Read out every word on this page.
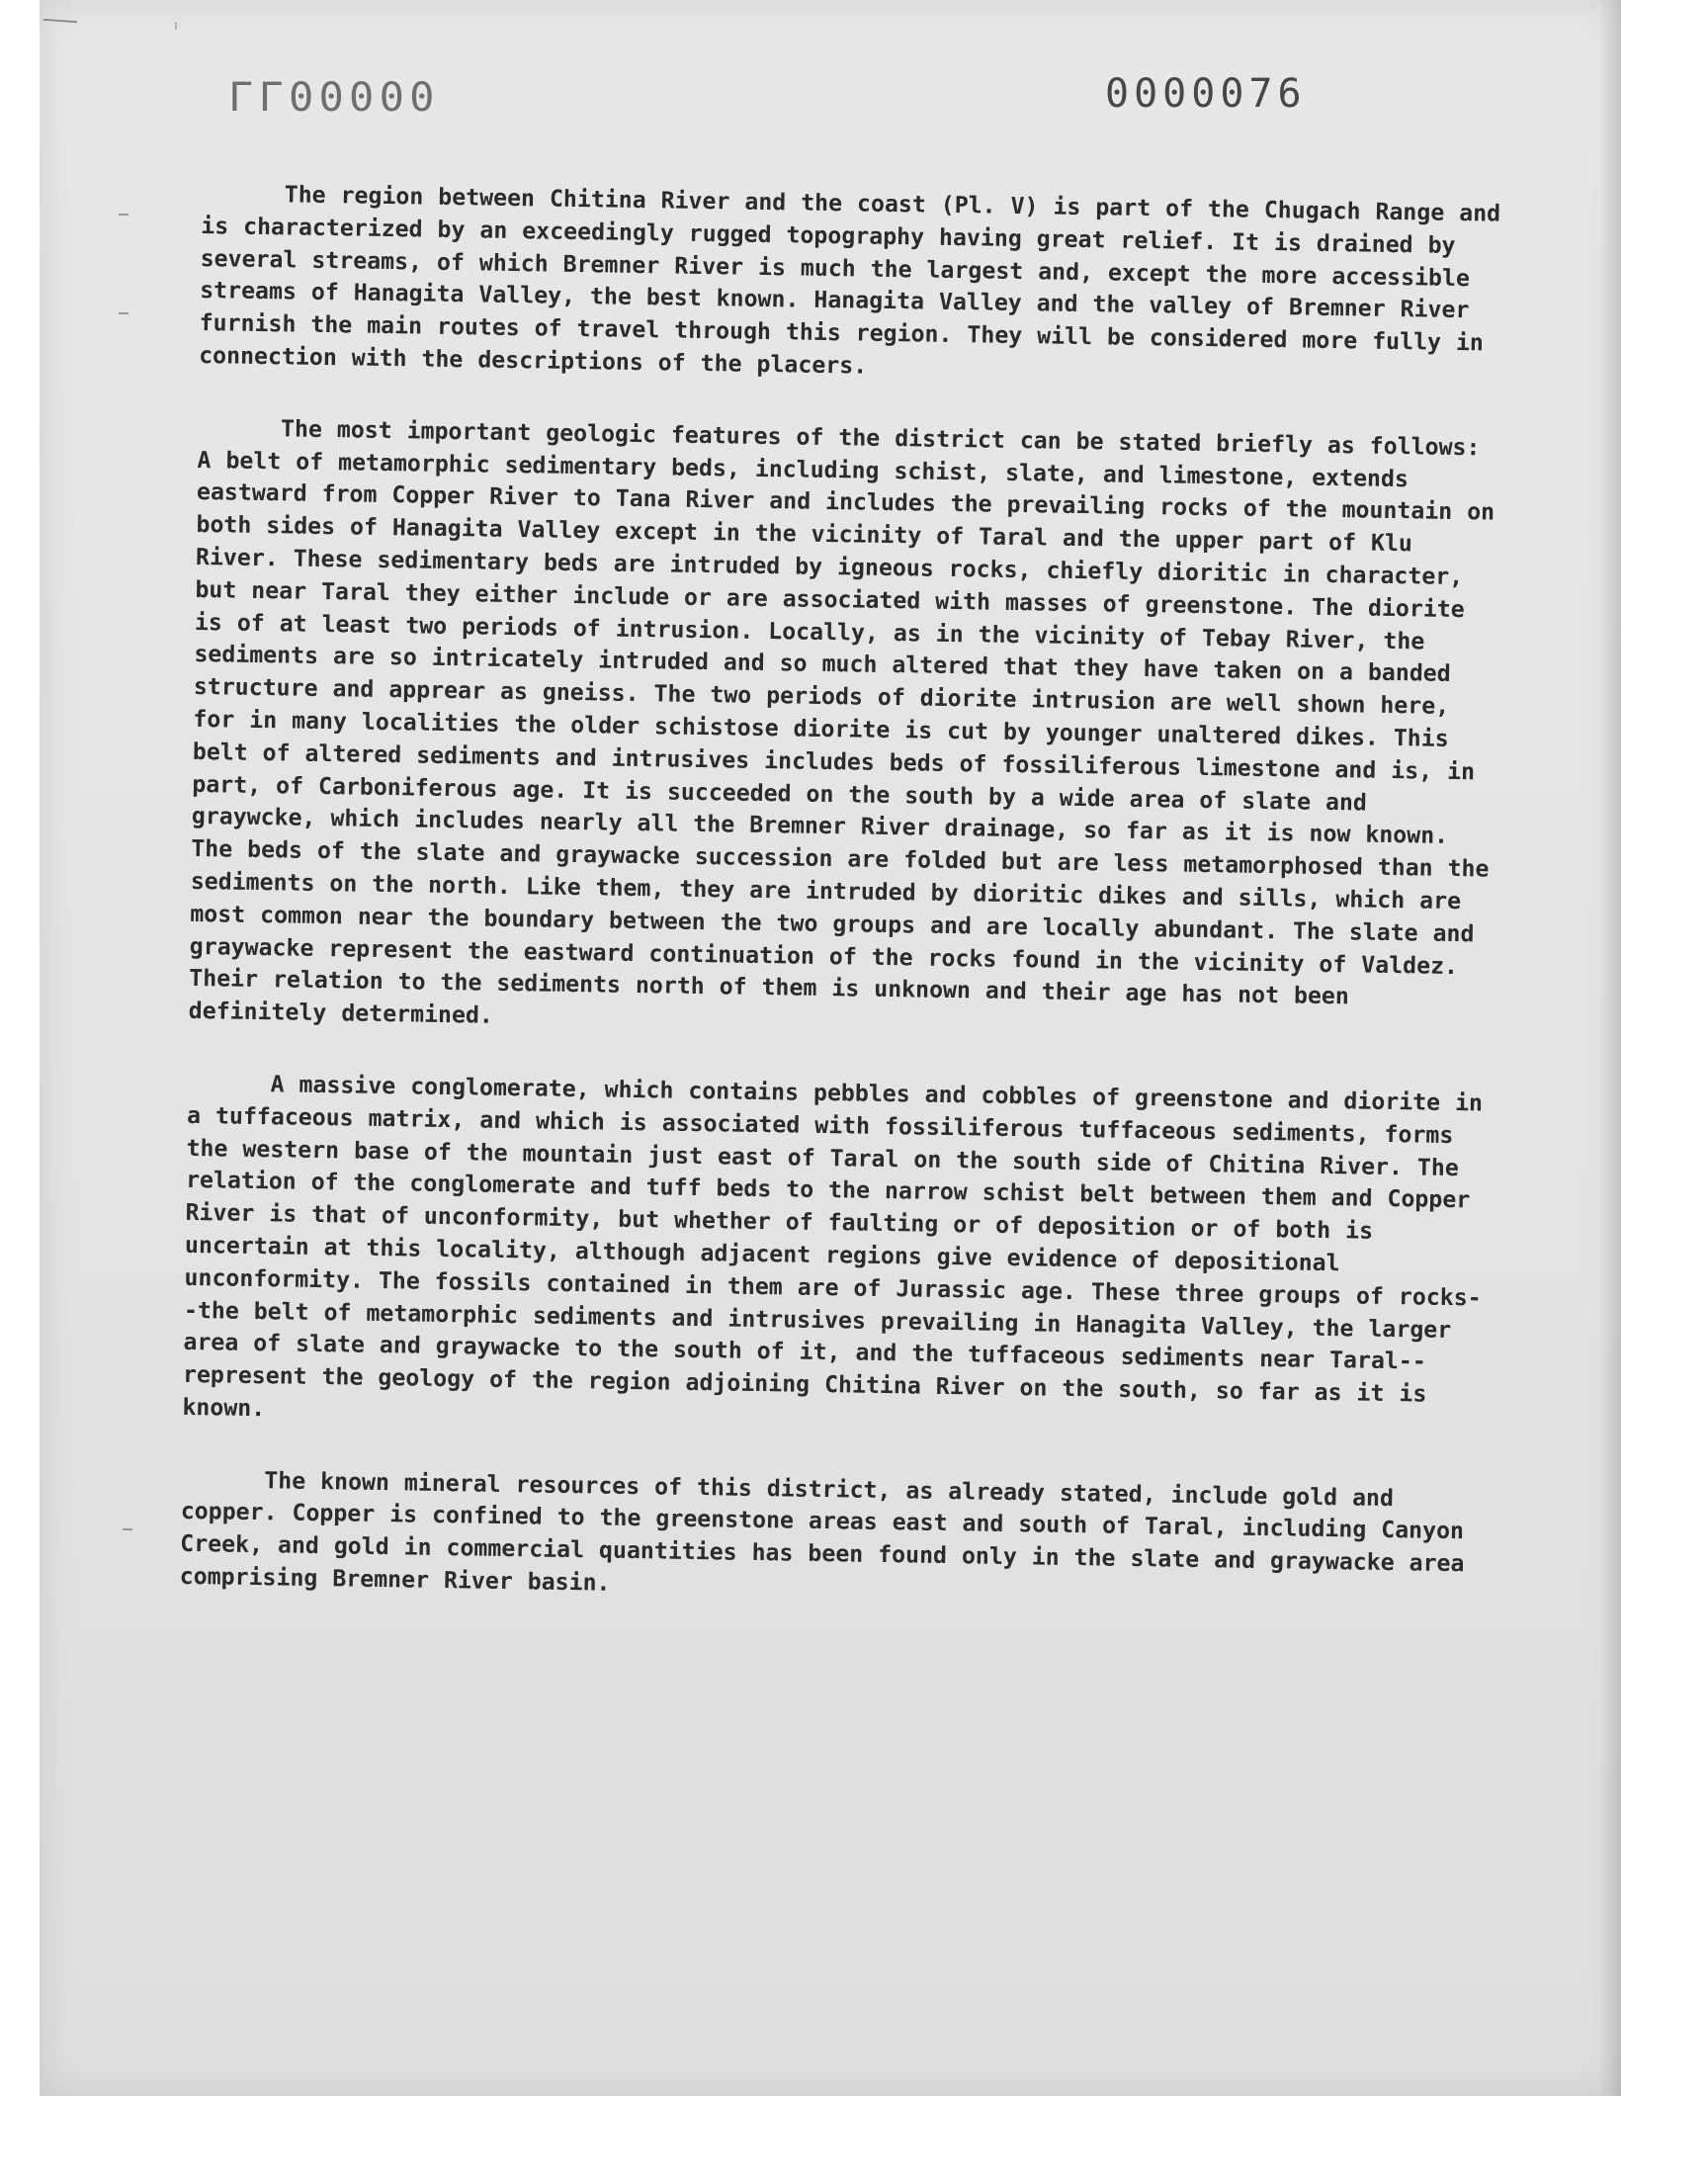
ı
ГГ00000	0000076

The region between Chitina River and the coast (Pl. V) is part of the Chugach Range and is characterized by an exceedingly rugged topography having great relief. It is drained by several streams, of which Bremner River is much the largest and, except the more accessible streams of Hanagita Valley, the best known. Hanagita Valley and the valley of Bremner River furnish the main routes of travel through this region. They will be considered more fully in connection with the descriptions of the placers.

The most important geologic features of the district can be stated briefly as follows: A belt of metamorphic sedimentary beds, including schist, slate, and limestone, extends eastward from Copper River to Tana River and includes the prevailing rocks of the mountain on both sides of Hanagita Valley except in the vicinity of Taral and the upper part of Klu River. These sedimentary beds are intruded by igneous rocks, chiefly dioritic in character, but near Taral they either include or are associated with masses of greenstone. The diorite is of at least two periods of intrusion. Locally, as in the vicinity of Tebay River, the sediments are so intricately intruded and so much altered that they have taken on a banded structure and apprear as gneiss. The two periods of diorite intrusion are well shown here, for in many localities the older schistose diorite is cut by younger unaltered dikes. This belt of altered sediments and intrusives includes beds of fossiliferous limestone and is, in part, of Carboniferous age. It is succeeded on the south by a wide area of slate and graywcke, which includes nearly all the Bremner River drainage, so far as it is now known. The beds of the slate and graywacke succession are folded but are less metamorphosed than the sediments on the north. Like them, they are intruded by dioritic dikes and sills, which are most common near the boundary between the two groups and are locally abundant. The slate and graywacke represent the eastward continuation of the rocks found in the vicinity of Valdez. Their relation to the sediments north of them is unknown and their age has not been definitely determined.

A massive conglomerate, which contains pebbles and cobbles of greenstone and diorite in a tuffaceous matrix, and which is associated with fossiliferous tuffaceous sediments, forms the western base of the mountain just east of Taral on the south side of Chitina River. The relation of the conglomerate and tuff beds to the narrow schist belt between them and Copper River is that of unconformity, but whether of faulting or of deposition or of both is uncertain at this locality, although adjacent regions give evidence of depositional unconformity. The fossils contained in them are of Jurassic age. These three groups of rocks--the belt of metamorphic sediments and intrusives prevailing in Hanagita Valley, the larger area of slate and graywacke to the south of it, and the tuffaceous sediments near Taral--represent the geology of the region adjoining Chitina River on the south, so far as it is known.

The known mineral resources of this district, as already stated, include gold and copper. Copper is confined to the greenstone areas east and south of Taral, including Canyon Creek, and gold in commercial quantities has been found only in the slate and graywacke area comprising Bremner River basin.
